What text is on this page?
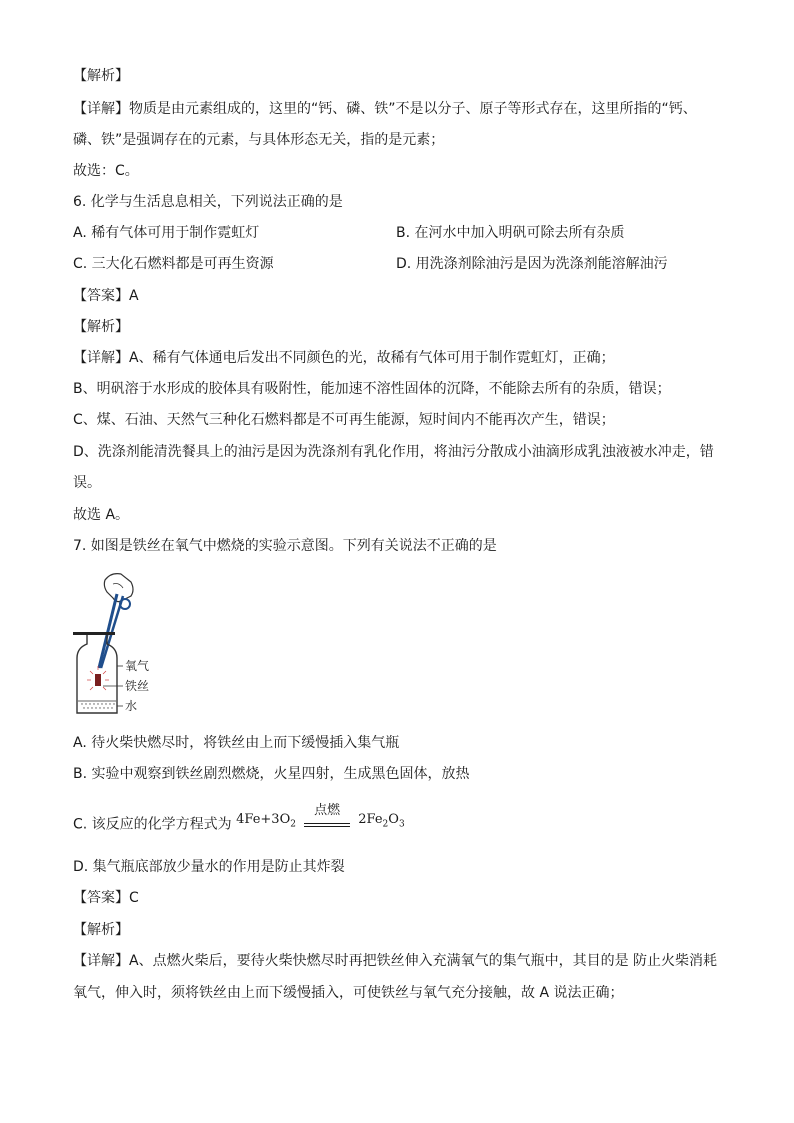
【解析】
【详解】物质是由元素组成的，这里的“钙、磷、铁”不是以分子、原子等形式存在，这里所指的“钙、
磷、铁”是强调存在的元素，与具体形态无关，指的是元素；
故选：C。
6. 化学与生活息息相关，下列说法正确的是
A. 稀有气体可用于制作霓虹灯	B. 在河水中加入明矾可除去所有杂质
C. 三大化石燃料都是可再生资源	D. 用洗涤剂除油污是因为洗涤剂能溶解油污
【答案】A
【解析】
【详解】A、稀有气体通电后发出不同颜色的光，故稀有气体可用于制作霓虹灯，正确；
B、明矾溶于水形成的胶体具有吸附性，能加速不溶性固体的沉降，不能除去所有的杂质，错误；
C、煤、石油、天然气三种化石燃料都是不可再生能源，短时间内不能再次产生，错误；
D、洗涤剂能清洗餐具上的油污是因为洗涤剂有乳化作用，将油污分散成小油滴形成乳浊液被水冲走，错
误。
故选 A。
7. 如图是铁丝在氧气中燃烧的实验示意图。下列有关说法不正确的是
氧气
铁丝
水
A. 待火柴快燃尽时，将铁丝由上而下缓慢插入集气瓶
B. 实验中观察到铁丝剧烈燃烧，火星四射，生成黑色固体，放热
C. 该反应的化学方程式为 $4Fe+3O_2$
点燃
$2Fe_2O_3$
D. 集气瓶底部放少量水的作用是防止其炸裂
【答案】C
【解析】
【详解】A、点燃火柴后，要待火柴快燃尽时再把铁丝伸入充满氧气的集气瓶中，其目的是 防止火柴消耗
氧气，伸入时，须将铁丝由上而下缓慢插入，可使铁丝与氧气充分接触，故 A 说法正确；
